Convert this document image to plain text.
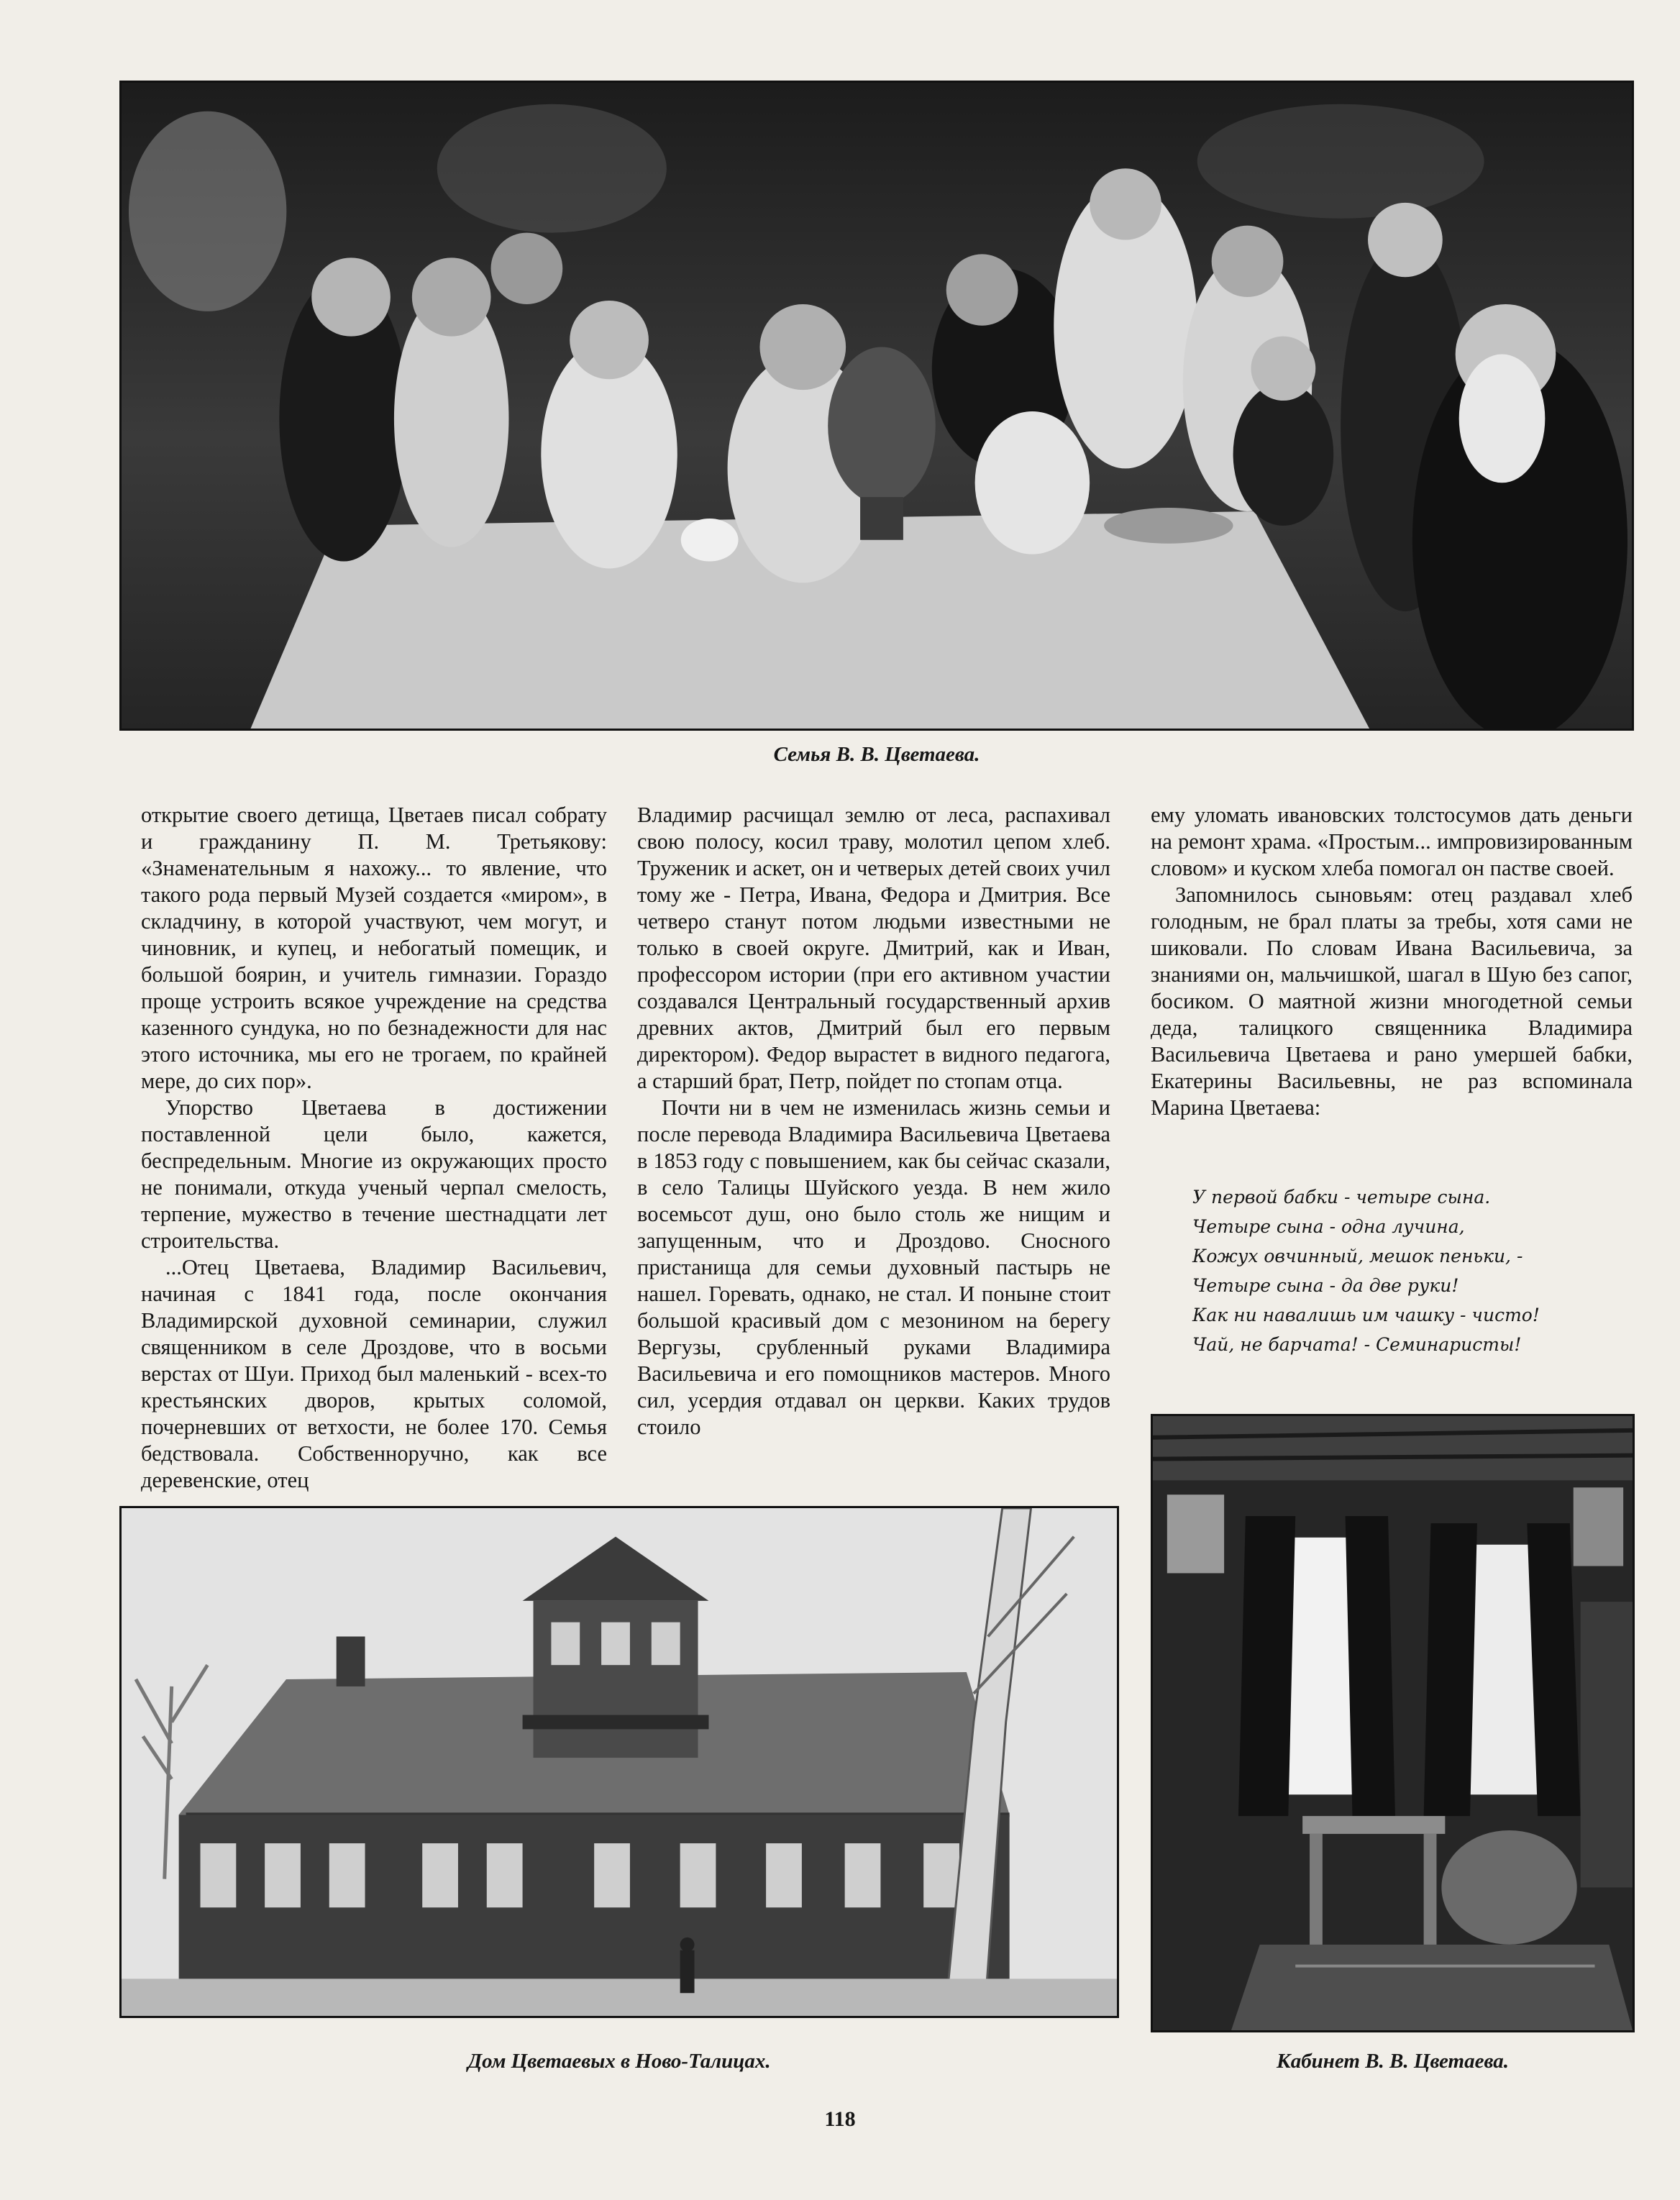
Семья В. В. Цветаева.

открытие своего детища, Цветаев писал собрату и гражданину П. М. Третьякову: «Знаменательным я нахожу... то явление, что такого рода первый Музей создается «миром», в складчину, в которой участвуют, чем могут, и чиновник, и купец, и небогатый помещик, и большой боярин, и учитель гимназии. Гораздо проще устроить всякое учреждение на средства казенного сундука, но по безнадежности для нас этого источника, мы его не трогаем, по крайней мере, до сих пор».

Упорство Цветаева в достижении поставленной цели было, кажется, беспредельным. Многие из окружающих просто не понимали, откуда ученый черпал смелость, терпение, мужество в течение шестнадцати лет строительства.

...Отец Цветаева, Владимир Васильевич, начиная с 1841 года, после окончания Владимирской духовной семинарии, служил священником в селе Дроздове, что в восьми верстах от Шуи. Приход был маленький - всех-то крестьянских дворов, крытых соломой, почерневших от ветхости, не более 170. Семья бедствовала. Собственноручно, как все деревенские, отец

Владимир расчищал землю от леса, распахивал свою полосу, косил траву, молотил цепом хлеб. Труженик и аскет, он и четверых детей своих учил тому же - Петра, Ивана, Федора и Дмитрия. Все четверо станут потом людьми известными не только в своей округе. Дмитрий, как и Иван, профессором истории (при его активном участии создавался Центральный государственный архив древних актов, Дмитрий был его первым директором). Федор вырастет в видного педагога, а старший брат, Петр, пойдет по стопам отца.

Почти ни в чем не изменилась жизнь семьи и после перевода Владимира Васильевича Цветаева в 1853 году с повышением, как бы сейчас сказали, в село Талицы Шуйского уезда. В нем жило восемьсот душ, оно было столь же нищим и запущенным, что и Дроздово. Сносного пристанища для семьи духовный пастырь не нашел. Горевать, однако, не стал. И поныне стоит большой красивый дом с мезонином на берегу Вергузы, срубленный руками Владимира Васильевича и его помощников мастеров. Много сил, усердия отдавал он церкви. Каких трудов стоило

ему уломать ивановских толстосумов дать деньги на ремонт храма. «Простым... импровизированным словом» и куском хлеба помогал он пастве своей.

Запомнилось сыновьям: отец раздавал хлеб голодным, не брал платы за требы, хотя сами не шиковали. По словам Ивана Васильевича, за знаниями он, мальчишкой, шагал в Шую без сапог, босиком. О маятной жизни многодетной семьи деда, талицкого священника Владимира Васильевича Цветаева и рано умершей бабки, Екатерины Васильевны, не раз вспоминала Марина Цветаева:

У первой бабки - четыре сына.
Четыре сына - одна лучина,
Кожух овчинный, мешок пеньки, -
Четыре сына - да две руки!
Как ни навалишь им чашку - чисто!
Чай, не барчата! - Семинаристы!
Дом Цветаевых в Ново-Талицах.	Кабинет В. В. Цветаева.
118
